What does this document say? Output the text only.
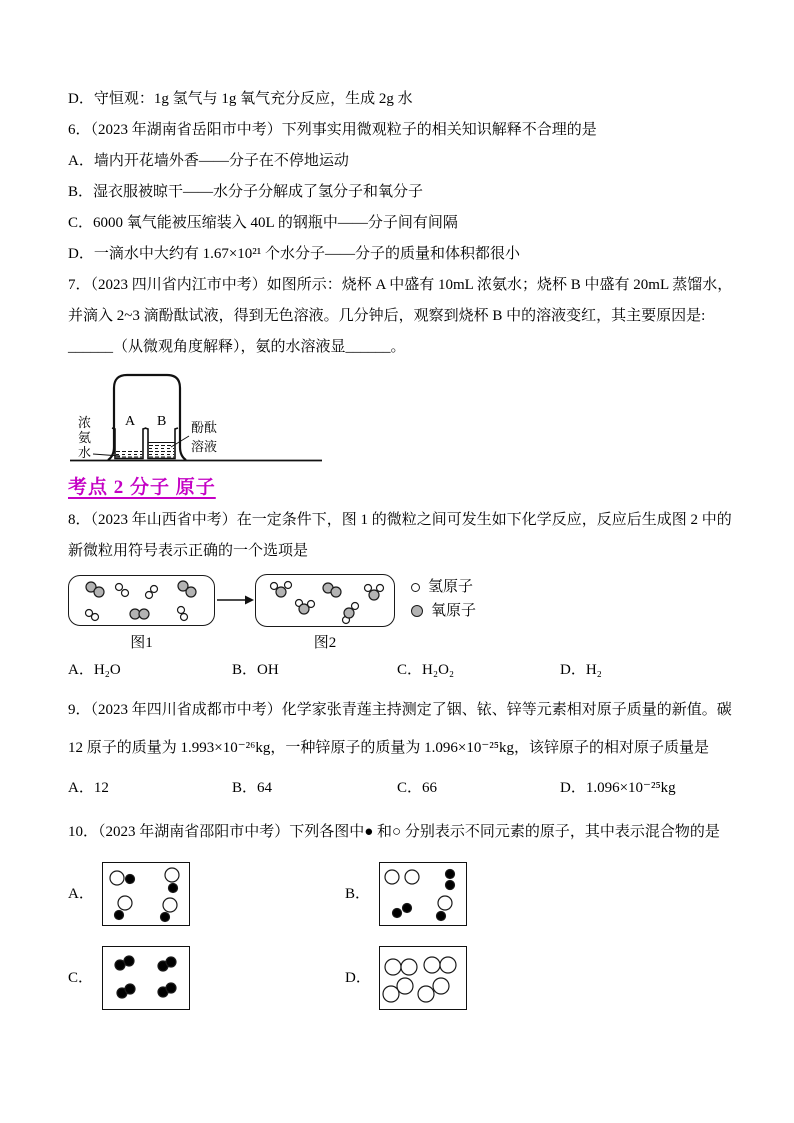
D．守恒观：1g 氢气与 1g 氧气充分反应，生成 2g 水

6．（2023 年湖南省岳阳市中考）下列事实用微观粒子的相关知识解释不合理的是

A．墙内开花墙外香——分子在不停地运动

B．湿衣服被晾干——水分子分解成了氢分子和氧分子

C．6000 氧气能被压缩装入 40L 的钢瓶中——分子间有间隔

D．一滴水中大约有 1.67×10²¹ 个水分子——分子的质量和体积都很小

7．（2023 四川省内江市中考）如图所示：烧杯 A 中盛有 10mL 浓氨水；烧杯 B 中盛有 20mL 蒸馏水，并滴入 2~3 滴酚酞试液，得到无色溶液。几分钟后，观察到烧杯 B 中的溶液变红，其主要原因是: ______（从微观角度解释），氨的水溶液显______。

A B
浓
氨
水
酚酞
溶液
考点 2 分子 原子

8．（2023 年山西省中考）在一定条件下，图 1 的微粒之间可发生如下化学反应，反应后生成图 2 中的新微粒用符号表示正确的一个选项是

氢原子
氧原子
图1	图2
A．H₂O	B．OH	C．H₂O₂	D．H₂

9．（2023 年四川省成都市中考）化学家张青莲主持测定了铟、铱、锌等元素相对原子质量的新值。碳 12 原子的质量为 1.993×10⁻²⁶kg，一种锌原子的质量为 1.096×10⁻²⁵kg，该锌原子的相对原子质量是

A．12	B．64	C．66	D．1.096×10⁻²⁵kg

10．（2023 年湖南省邵阳市中考）下列各图中● 和○ 分别表示不同元素的原子，其中表示混合物的是

A．	B．
C．	D．
